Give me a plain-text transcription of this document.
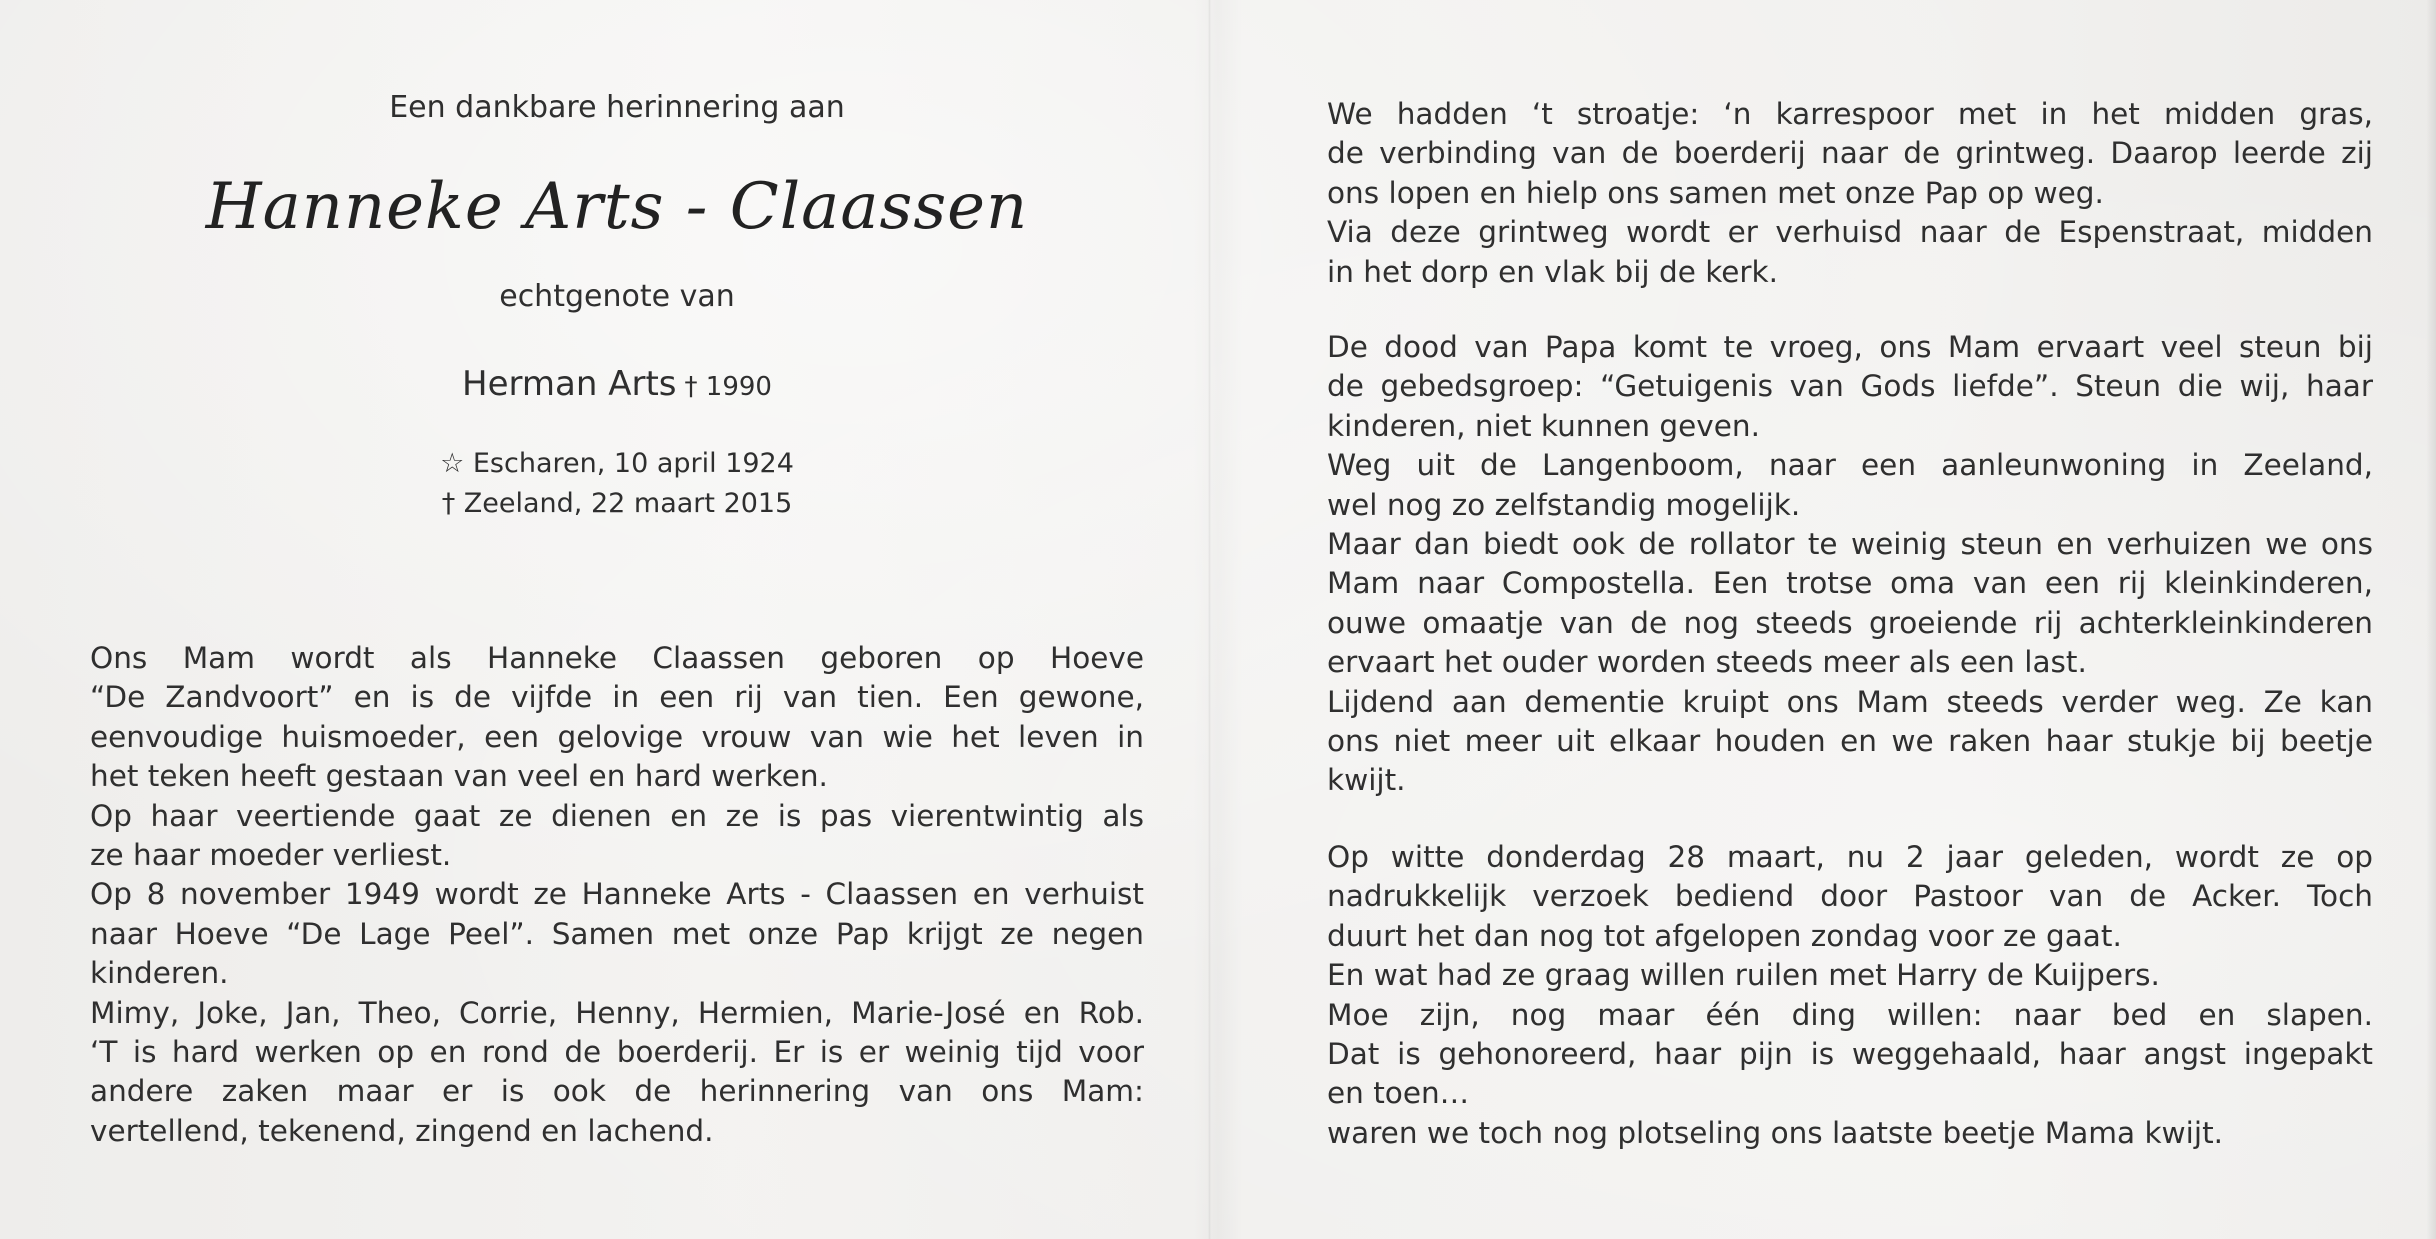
Een dankbare herinnering aan
Hanneke Arts - Claassen
echtgenote van
Herman Arts † 1990
☆ Escharen, 10 april 1924
† Zeeland, 22 maart 2015
Ons Mam wordt als Hanneke Claassen geboren op Hoeve
“De Zandvoort” en is de vijfde in een rij van tien. Een gewone,
eenvoudige huismoeder, een gelovige vrouw van wie het leven in
het teken heeft gestaan van veel en hard werken.
Op haar veertiende gaat ze dienen en ze is pas vierentwintig als
ze haar moeder verliest.
Op 8 november 1949 wordt ze Hanneke Arts - Claassen en verhuist
naar Hoeve “De Lage Peel”. Samen met onze Pap krijgt ze negen
kinderen.
Mimy, Joke, Jan, Theo, Corrie, Henny, Hermien, Marie-José en Rob.
‘T is hard werken op en rond de boerderij. Er is er weinig tijd voor
andere zaken maar er is ook de herinnering van ons Mam:
vertellend, tekenend, zingend en lachend.
We hadden ‘t stroatje: ‘n karrespoor met in het midden gras,
de verbinding van de boerderij naar de grintweg. Daarop leerde zij
ons lopen en hielp ons samen met onze Pap op weg.
Via deze grintweg wordt er verhuisd naar de Espenstraat, midden
in het dorp en vlak bij de kerk.
De dood van Papa komt te vroeg, ons Mam ervaart veel steun bij
de gebedsgroep: “Getuigenis van Gods liefde”. Steun die wij, haar
kinderen, niet kunnen geven.
Weg uit de Langenboom, naar een aanleunwoning in Zeeland,
wel nog zo zelfstandig mogelijk.
Maar dan biedt ook de rollator te weinig steun en verhuizen we ons
Mam naar Compostella. Een trotse oma van een rij kleinkinderen,
ouwe omaatje van de nog steeds groeiende rij achterkleinkinderen
ervaart het ouder worden steeds meer als een last.
Lijdend aan dementie kruipt ons Mam steeds verder weg. Ze kan
ons niet meer uit elkaar houden en we raken haar stukje bij beetje
kwijt.
Op witte donderdag 28 maart, nu 2 jaar geleden, wordt ze op
nadrukkelijk verzoek bediend door Pastoor van de Acker. Toch
duurt het dan nog tot afgelopen zondag voor ze gaat.
En wat had ze graag willen ruilen met Harry de Kuijpers.
Moe zijn, nog maar één ding willen: naar bed en slapen.
Dat is gehonoreerd, haar pijn is weggehaald, haar angst ingepakt
en toen…
waren we toch nog plotseling ons laatste beetje Mama kwijt.
